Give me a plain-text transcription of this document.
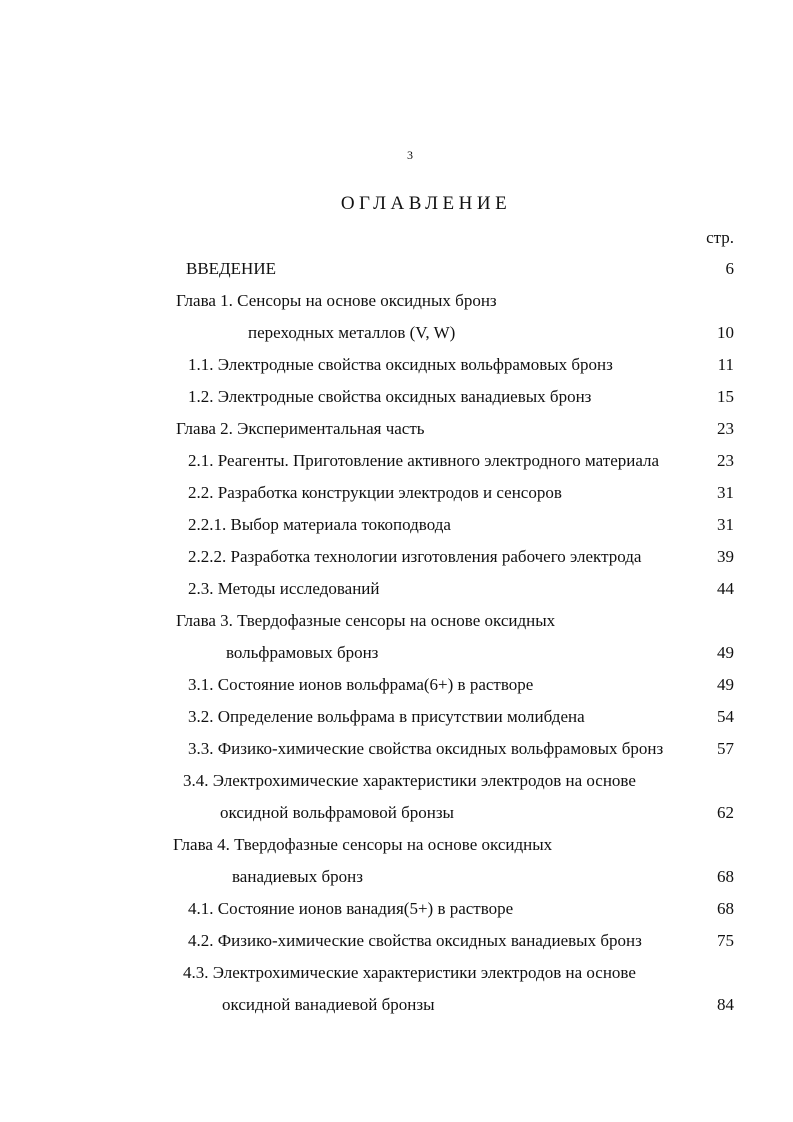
3
ОГЛАВЛЕНИЕ
стр.
ВВЕДЕНИЕ	6
Глава 1. Сенсоры на основе оксидных бронз
переходных металлов (V, W)	10
1.1. Электродные свойства оксидных вольфрамовых бронз	11
1.2. Электродные свойства оксидных ванадиевых бронз	15
Глава 2. Экспериментальная часть	23
2.1. Реагенты. Приготовление активного электродного материала	23
2.2. Разработка конструкции электродов и сенсоров	31
2.2.1. Выбор материала токоподвода	31
2.2.2. Разработка технологии изготовления рабочего электрода	39
2.3. Методы исследований	44
Глава 3. Твердофазные сенсоры на основе оксидных
вольфрамовых бронз	49
3.1. Состояние ионов вольфрама(6+) в растворе	49
3.2. Определение вольфрама в присутствии молибдена	54
3.3. Физико-химические свойства оксидных вольфрамовых бронз	57
3.4. Электрохимические характеристики электродов на основе
оксидной вольфрамовой бронзы	62
Глава 4. Твердофазные сенсоры на основе оксидных
ванадиевых бронз	68
4.1. Состояние ионов ванадия(5+) в растворе	68
4.2. Физико-химические свойства оксидных ванадиевых бронз	75
4.3. Электрохимические характеристики электродов на основе
оксидной ванадиевой бронзы	84
